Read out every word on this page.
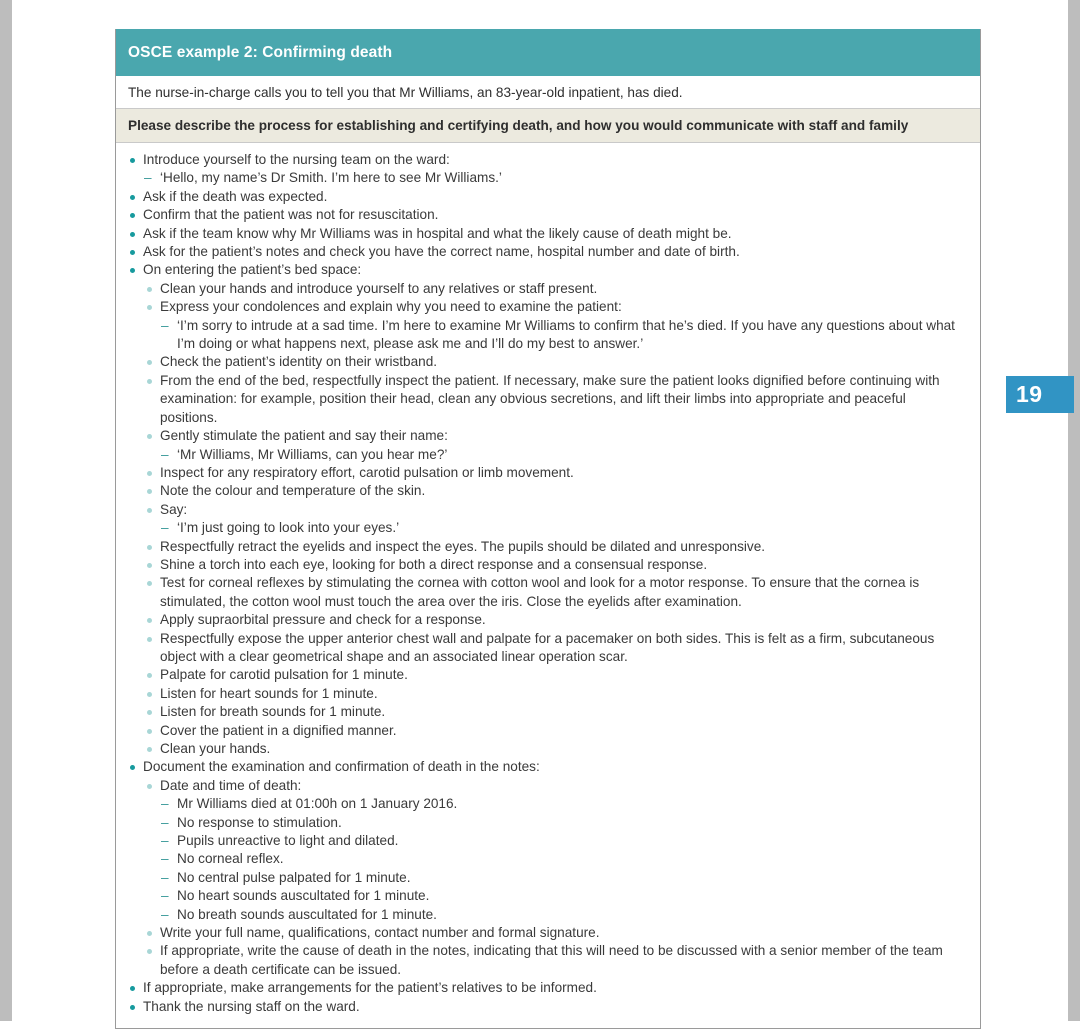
19
OSCE example 2: Confirming death
The nurse-in-charge calls you to tell you that Mr Williams, an 83-year-old inpatient, has died.
Please describe the process for establishing and certifying death, and how you would communicate with staff and family
Introduce yourself to the nursing team on the ward:
– ‘Hello, my name’s Dr Smith. I’m here to see Mr Williams.’
Ask if the death was expected.
Confirm that the patient was not for resuscitation.
Ask if the team know why Mr Williams was in hospital and what the likely cause of death might be.
Ask for the patient’s notes and check you have the correct name, hospital number and date of birth.
On entering the patient’s bed space:
Clean your hands and introduce yourself to any relatives or staff present.
Express your condolences and explain why you need to examine the patient:
– ‘I’m sorry to intrude at a sad time. I’m here to examine Mr Williams to confirm that he’s died. If you have any questions about what I’m doing or what happens next, please ask me and I’ll do my best to answer.’
Check the patient’s identity on their wristband.
From the end of the bed, respectfully inspect the patient. If necessary, make sure the patient looks dignified before continuing with examination: for example, position their head, clean any obvious secretions, and lift their limbs into appropriate and peaceful positions.
Gently stimulate the patient and say their name:
– ‘Mr Williams, Mr Williams, can you hear me?’
Inspect for any respiratory effort, carotid pulsation or limb movement.
Note the colour and temperature of the skin.
Say:
– ‘I’m just going to look into your eyes.’
Respectfully retract the eyelids and inspect the eyes. The pupils should be dilated and unresponsive.
Shine a torch into each eye, looking for both a direct response and a consensual response.
Test for corneal reflexes by stimulating the cornea with cotton wool and look for a motor response. To ensure that the cornea is stimulated, the cotton wool must touch the area over the iris. Close the eyelids after examination.
Apply supraorbital pressure and check for a response.
Respectfully expose the upper anterior chest wall and palpate for a pacemaker on both sides. This is felt as a firm, subcutaneous object with a clear geometrical shape and an associated linear operation scar.
Palpate for carotid pulsation for 1 minute.
Listen for heart sounds for 1 minute.
Listen for breath sounds for 1 minute.
Cover the patient in a dignified manner.
Clean your hands.
Document the examination and confirmation of death in the notes:
Date and time of death:
– Mr Williams died at 01:00h on 1 January 2016.
– No response to stimulation.
– Pupils unreactive to light and dilated.
– No corneal reflex.
– No central pulse palpated for 1 minute.
– No heart sounds auscultated for 1 minute.
– No breath sounds auscultated for 1 minute.
Write your full name, qualifications, contact number and formal signature.
If appropriate, write the cause of death in the notes, indicating that this will need to be discussed with a senior member of the team before a death certificate can be issued.
If appropriate, make arrangements for the patient’s relatives to be informed.
Thank the nursing staff on the ward.
